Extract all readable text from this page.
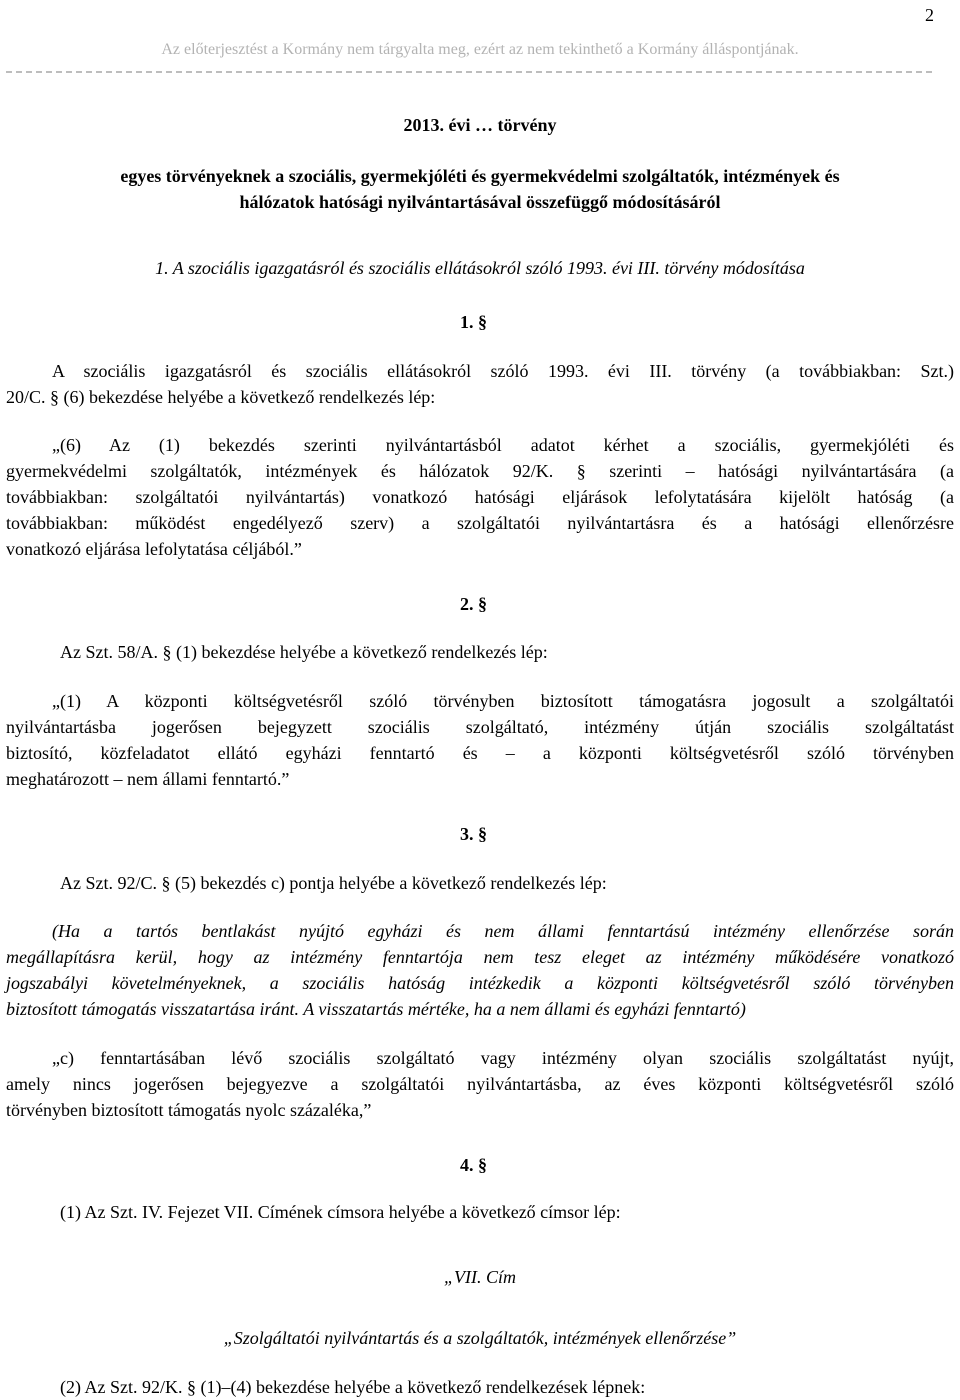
2
Az előterjesztést a Kormány nem tárgyalta meg, ezért az nem tekinthető a Kormány álláspontjának.
2013. évi … törvény
egyes törvényeknek a szociális, gyermekjóléti és gyermekvédelmi szolgáltatók, intézmények és
hálózatok hatósági nyilvántartásával összefüggő módosításáról
1. A szociális igazgatásról és szociális ellátásokról szóló 1993. évi III. törvény módosítása
1. §
A szociális igazgatásról és szociális ellátásokról szóló 1993. évi III. törvény (a továbbiakban: Szt.)
20/C. § (6) bekezdése helyébe a következő rendelkezés lép:
„(6) Az (1) bekezdés szerinti nyilvántartásból adatot kérhet a szociális, gyermekjóléti és
gyermekvédelmi szolgáltatók, intézmények és hálózatok 92/K. § szerinti – hatósági nyilvántartására (a
továbbiakban: szolgáltatói nyilvántartás) vonatkozó hatósági eljárások lefolytatására kijelölt hatóság (a
továbbiakban: működést engedélyező szerv) a szolgáltatói nyilvántartásra és a hatósági ellenőrzésre
vonatkozó eljárása lefolytatása céljából.”
2. §
Az Szt. 58/A. § (1) bekezdése helyébe a következő rendelkezés lép:
„(1) A központi költségvetésről szóló törvényben biztosított támogatásra jogosult a szolgáltatói
nyilvántartásba jogerősen bejegyzett szociális szolgáltató, intézmény útján szociális szolgáltatást
biztosító, közfeladatot ellátó egyházi fenntartó és – a központi költségvetésről szóló törvényben
meghatározott – nem állami fenntartó.”
3. §
Az Szt. 92/C. § (5) bekezdés c) pontja helyébe a következő rendelkezés lép:
(Ha a tartós bentlakást nyújtó egyházi és nem állami fenntartású intézmény ellenőrzése során
megállapításra kerül, hogy az intézmény fenntartója nem tesz eleget az intézmény működésére vonatkozó
jogszabályi követelményeknek, a szociális hatóság intézkedik a központi költségvetésről szóló törvényben
biztosított támogatás visszatartása iránt. A visszatartás mértéke, ha a nem állami és egyházi fenntartó)
„c) fenntartásában lévő szociális szolgáltató vagy intézmény olyan szociális szolgáltatást nyújt,
amely nincs jogerősen bejegyezve a szolgáltatói nyilvántartásba, az éves központi költségvetésről szóló
törvényben biztosított támogatás nyolc százaléka,”
4. §
(1) Az Szt. IV. Fejezet VII. Címének címsora helyébe a következő címsor lép:
„VII. Cím
„Szolgáltatói nyilvántartás és a szolgáltatók, intézmények ellenőrzése”
(2) Az Szt. 92/K. § (1)–(4) bekezdése helyébe a következő rendelkezések lépnek:
